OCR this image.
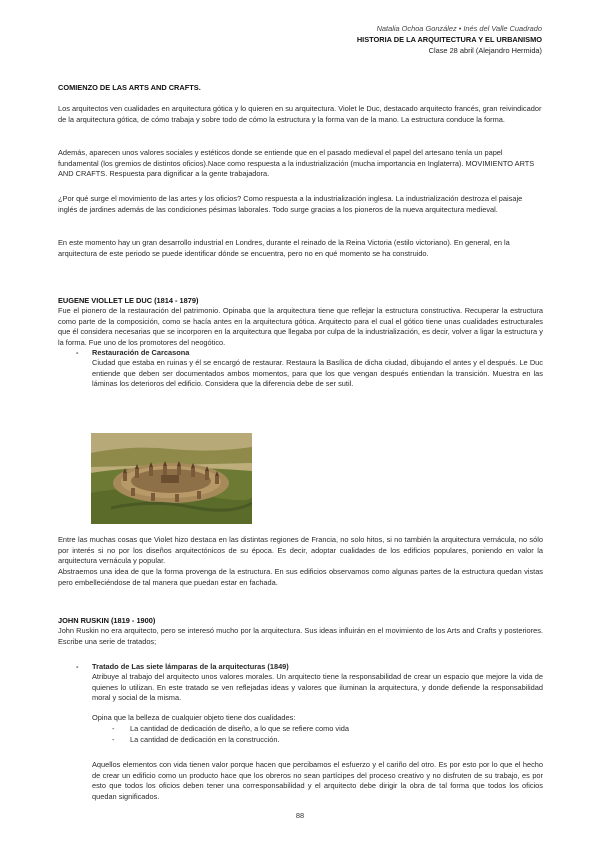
Natalia Ochoa González • Inés del Valle Cuadrado
HISTORIA DE LA ARQUITECTURA Y EL URBANISMO
Clase 28 abril (Alejandro Hermida)
COMIENZO DE LAS ARTS AND CRAFTS.

Los arquitectos ven cualidades en arquitectura gótica y lo quieren en su arquitectura. Violet le Duc, destacado arquitecto francés, gran reivindicador de la arquitectura gótica, de cómo trabaja y sobre todo de cómo la estructura y la forma van de la mano. La estructura conduce la forma.

Además, aparecen unos valores sociales y estéticos donde se entiende que en el pasado medieval el papel del artesano tenía un papel fundamental (los gremios de distintos oficios).Nace como respuesta a la industrialización (mucha importancia en Inglaterra). MOVIMIENTO ARTS AND CRAFTS. Respuesta para dignificar a la gente trabajadora.

¿Por qué surge el movimiento de las artes y los oficios? Como respuesta a la industrialización inglesa. La industrialización destroza el paisaje inglés de jardines además de las condiciones pésimas laborales. Todo surge gracias a los pioneros de la nueva arquitectura medieval.

En este momento hay un gran desarrollo industrial en Londres, durante el reinado de la Reina Victoria (estilo victoriano). En general, en la arquitectura de este periodo se puede identificar dónde se encuentra, pero no en qué momento se ha construido.

EUGENE VIOLLET LE DUC (1814 - 1879)

Fue el pionero de la restauración del patrimonio. Opinaba que la arquitectura tiene que reflejar la estructura constructiva. Recuperar la estructura como parte de la composición, como se hacía antes en la arquitectura gótica. Arquitecto para el cual el gótico tiene unas cualidades estructurales que él considera necesarias que se incorporen en la arquitectura que llegaba por culpa de la industrialización, es decir, volver a ligar la estructura y la forma. Fue uno de los promotores del neogótico.

- Restauración de Carcasona

Ciudad que estaba en ruinas y él se encargó de restaurar. Restaura la Basílica de dicha ciudad, dibujando el antes y el después. Le Duc entiende que deben ser documentados ambos momentos, para que los que vengan después entiendan la transición. Muestra en las láminas los deterioros del edificio. Considera que la diferencia debe de ser sutil.

Entre las muchas cosas que Violet hizo destaca en las distintas regiones de Francia, no solo hitos, si no también la arquitectura vernácula, no sólo por interés si no por los diseños arquitectónicos de su época. Es decir, adoptar cualidades de los edificios populares, poniendo en valor la arquitectura vernácula y popular.

Abstraemos una idea de que la forma provenga de la estructura. En sus edificios observamos como algunas partes de la estructura quedan vistas pero embelleciéndose de tal manera que puedan estar en fachada.

JOHN RUSKIN (1819 - 1900)

John Ruskin no era arquitecto, pero se interesó mucho por la arquitectura. Sus ideas influirán en el movimiento de los Arts and Crafts y posteriores. Escribe una serie de tratados;

- Tratado de Las siete lámparas de la arquitecturas (1849)

Atribuye al trabajo del arquitecto unos valores morales. Un arquitecto tiene la responsabilidad de crear un espacio que mejore la vida de quienes lo utilizan. En este tratado se ven reflejadas ideas y valores que iluminan la arquitectura, y donde defiende la responsabilidad moral y social de la misma.

Opina que la belleza de cualquier objeto tiene dos cualidades:

- La cantidad de dedicación de diseño, a lo que se refiere como vida
- La cantidad de dedicación en la construcción.

Aquellos elementos con vida tienen valor porque hacen que percibamos el esfuerzo y el cariño del otro. Es por esto por lo que el hecho de crear un edificio como un producto hace que los obreros no sean partícipes del proceso creativo y no disfruten de su trabajo, es por esto que todos los oficios deben tener una corresponsabilidad y el arquitecto debe dirigir la obra de tal forma que todos los oficios quedan significados.

88
